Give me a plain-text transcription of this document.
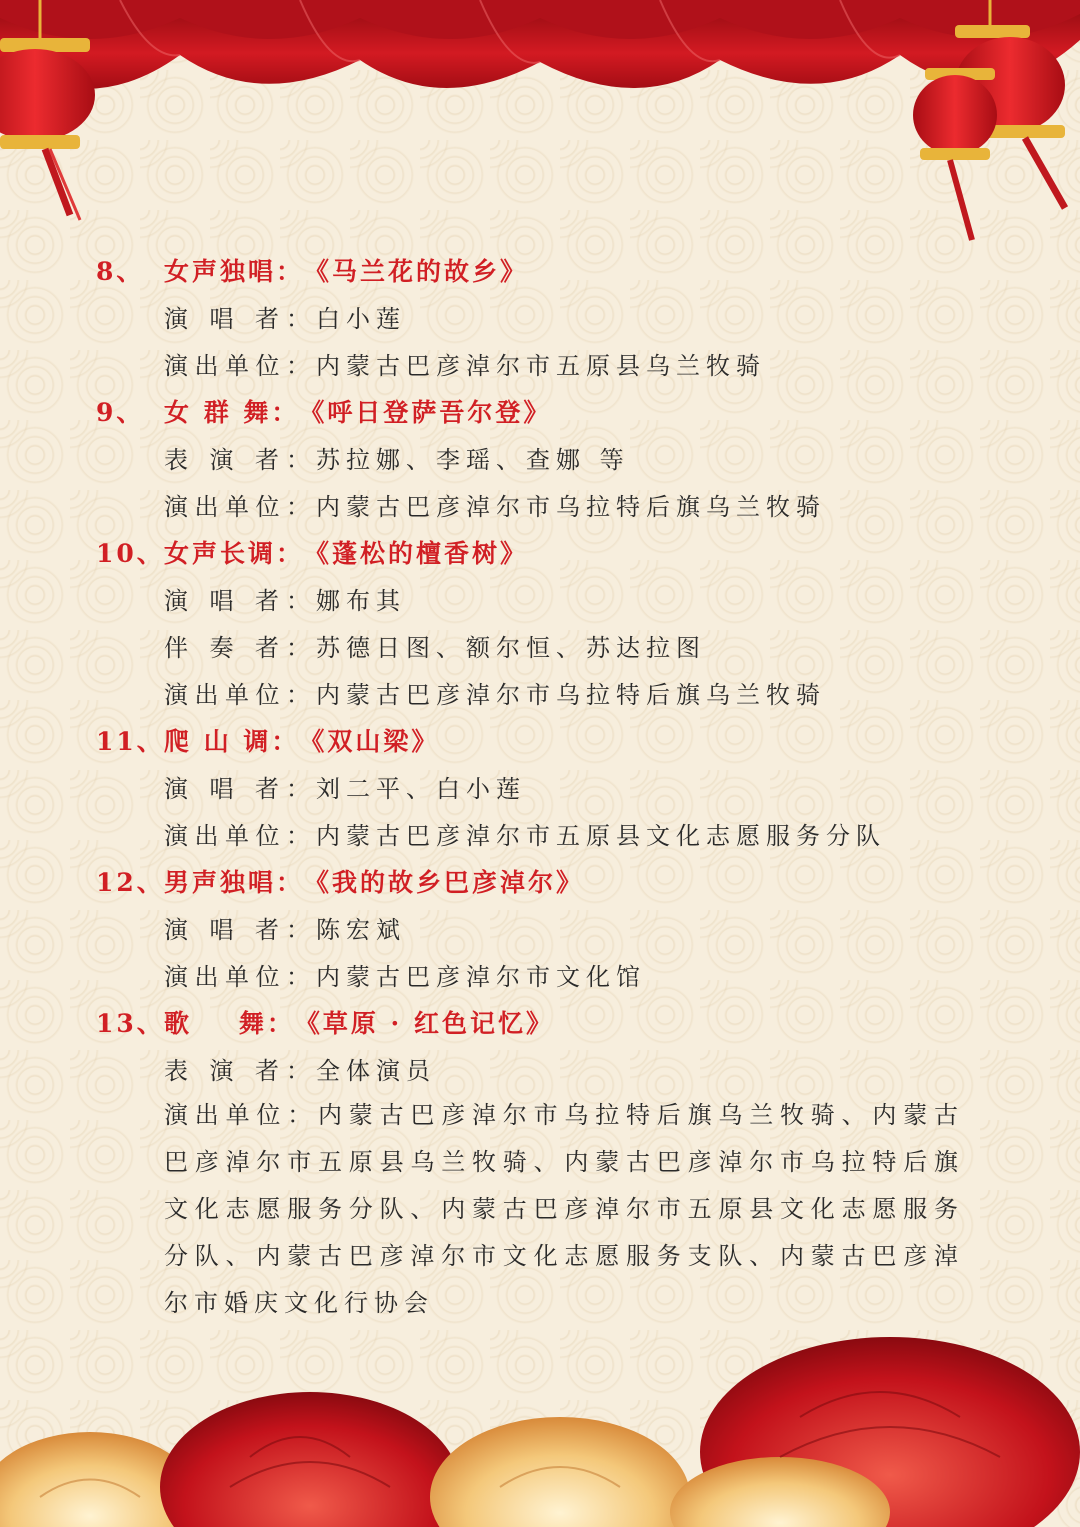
8、 女声独唱： 《马兰花的故乡》
演 唱 者： 白小莲
演出单位： 内蒙古巴彦淖尔市五原县乌兰牧骑
9、 女 群 舞： 《呼日登萨吾尔登》
表 演 者： 苏拉娜、李瑶、查娜 等
演出单位： 内蒙古巴彦淖尔市乌拉特后旗乌兰牧骑
10、 女声长调： 《蓬松的檀香树》
演 唱 者： 娜布其
伴 奏 者： 苏德日图、额尔恒、苏达拉图
演出单位： 内蒙古巴彦淖尔市乌拉特后旗乌兰牧骑
11、 爬 山 调： 《双山梁》
演 唱 者： 刘二平、白小莲
演出单位： 内蒙古巴彦淖尔市五原县文化志愿服务分队
12、 男声独唱： 《我的故乡巴彦淖尔》
演 唱 者： 陈宏斌
演出单位： 内蒙古巴彦淖尔市文化馆
13、 歌    舞： 《草原 · 红色记忆》
表 演 者： 全体演员
演出单位：内蒙古巴彦淖尔市乌拉特后旗乌兰牧骑、内蒙古巴彦淖尔市五原县乌兰牧骑、内蒙古巴彦淖尔市乌拉特后旗文化志愿服务分队、内蒙古巴彦淖尔市五原县文化志愿服务分队、内蒙古巴彦淖尔市文化志愿服务支队、内蒙古巴彦淖尔市婚庆文化行协会
